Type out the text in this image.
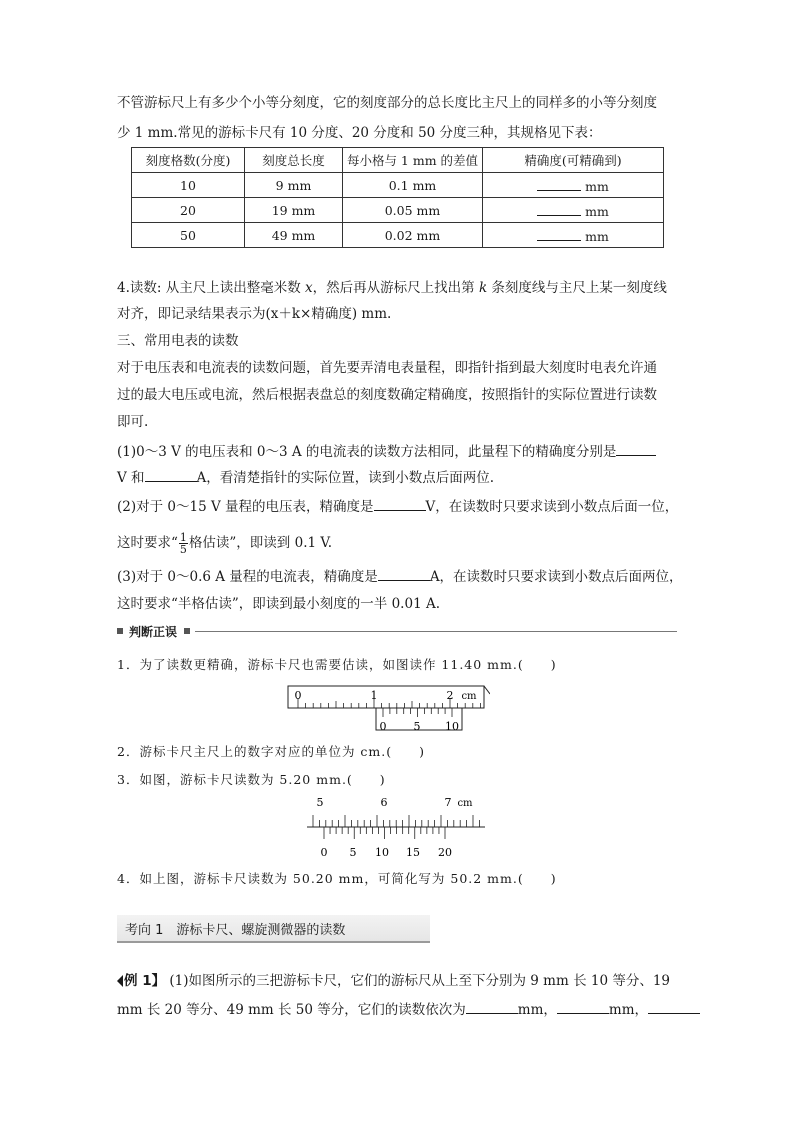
不管游标尺上有多少个小等分刻度，它的刻度部分的总长度比主尺上的同样多的小等分刻度
少 1 mm.常见的游标卡尺有 10 分度、20 分度和 50 分度三种，其规格见下表：
刻度格数(分度)	刻度总长度	每小格与 1 mm 的差值	精确度(可精确到)
10	9 mm	0.1 mm	mm
20	19 mm	0.05 mm	mm
50	49 mm	0.02 mm	mm
4.读数: 从主尺上读出整毫米数 x，然后再从游标尺上找出第 k 条刻度线与主尺上某一刻度线
对齐，即记录结果表示为(x＋k×精确度) mm.
三、常用电表的读数
对于电压表和电流表的读数问题，首先要弄清电表量程，即指针指到最大刻度时电表允许通
过的最大电压或电流，然后根据表盘总的刻度数确定精确度，按照指针的实际位置进行读数
即可.
(1)0～3 V 的电压表和 0～3 A 的电流表的读数方法相同，此量程下的精确度分别是
V 和	A，看清楚指针的实际位置，读到小数点后面两位.
(2)对于 0～15 V 量程的电压表，精确度是	V，在读数时只要求读到小数点后面一位，
这时要求“ $\frac{1}{5}$ 格估读”，即读到 0.1 V.
(3)对于 0～0.6 A 量程的电流表，精确度是	A，在读数时只要求读到小数点后面两位，
这时要求“半格估读”，即读到最小刻度的一半 0.01 A.
判断正误
1．为了读数更精确，游标卡尺也需要估读，如图读作 11.40 mm.(　　)
0	1	2 cm
0 5 10
2．游标卡尺主尺上的数字对应的单位为 cm.(　　)
3．如图，游标卡尺读数为 5.20 mm.(　　)
5	6	7 cm
0 5 10 15 20
4．如上图，游标卡尺读数为 50.20 mm，可简化写为 50.2 mm.(　　)
考向 1　游标卡尺、螺旋测微器的读数
例 1】 (1)如图所示的三把游标卡尺，它们的游标尺从上至下分别为 9 mm 长 10 等分、19
mm 长 20 等分、49 mm 长 50 等分，它们的读数依次为	mm，	mm，
